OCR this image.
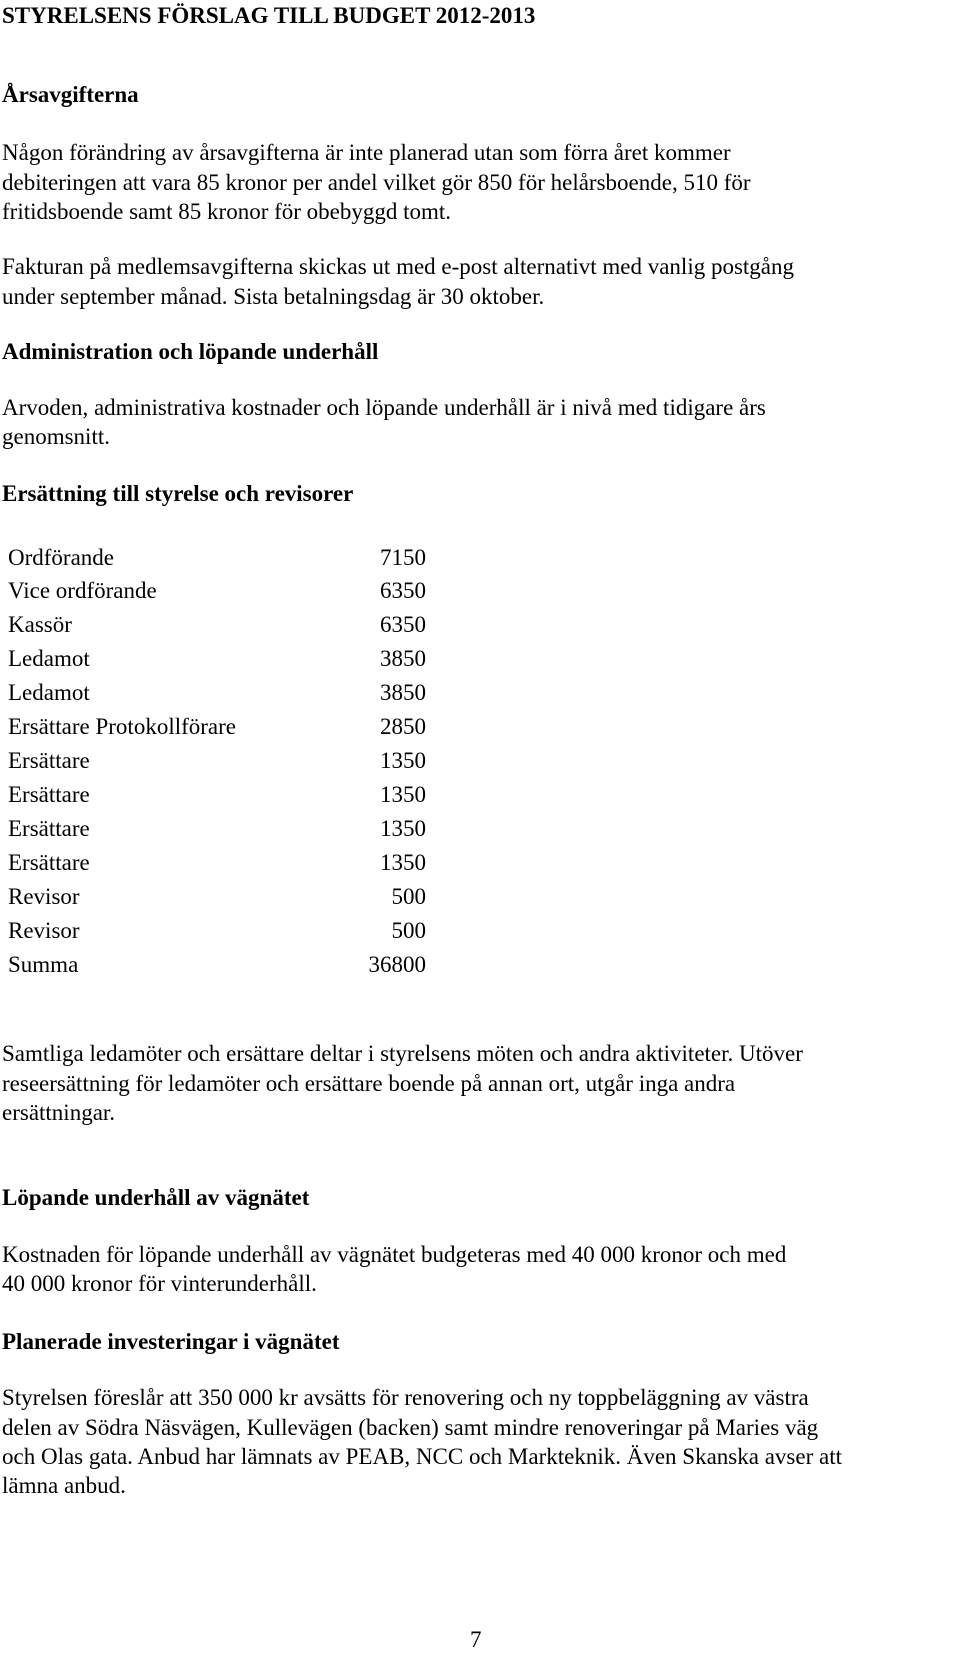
STYRELSENS FÖRSLAG TILL BUDGET 2012-2013
Årsavgifterna
Någon förändring av årsavgifterna är inte planerad utan som förra året kommer
debiteringen att vara 85 kronor per andel vilket gör 850 för helårsboende, 510 för
fritidsboende samt 85 kronor för obebyggd tomt.
Fakturan på medlemsavgifterna skickas ut med e-post alternativt med vanlig postgång
under september månad. Sista betalningsdag är 30 oktober.
Administration och löpande underhåll
Arvoden, administrativa kostnader och löpande underhåll är i nivå med tidigare års
genomsnitt.
Ersättning till styrelse och revisorer
Ordförande	7150
Vice ordförande	6350
Kassör	6350
Ledamot	3850
Ledamot	3850
Ersättare Protokollförare	2850
Ersättare	1350
Ersättare	1350
Ersättare	1350
Ersättare	1350
Revisor	500
Revisor	500
Summa	36800
Samtliga ledamöter och ersättare deltar i styrelsens möten och andra aktiviteter. Utöver
reseersättning för ledamöter och ersättare boende på annan ort, utgår inga andra
ersättningar.
Löpande underhåll av vägnätet
Kostnaden för löpande underhåll av vägnätet budgeteras med 40 000 kronor och med
40 000 kronor för vinterunderhåll.
Planerade investeringar i vägnätet
Styrelsen föreslår att 350 000 kr avsätts för renovering och ny toppbeläggning av västra
delen av Södra Näsvägen, Kullevägen (backen) samt mindre renoveringar på Maries väg
och Olas gata. Anbud har lämnats av PEAB, NCC och Markteknik. Även Skanska avser att
lämna anbud.
7
